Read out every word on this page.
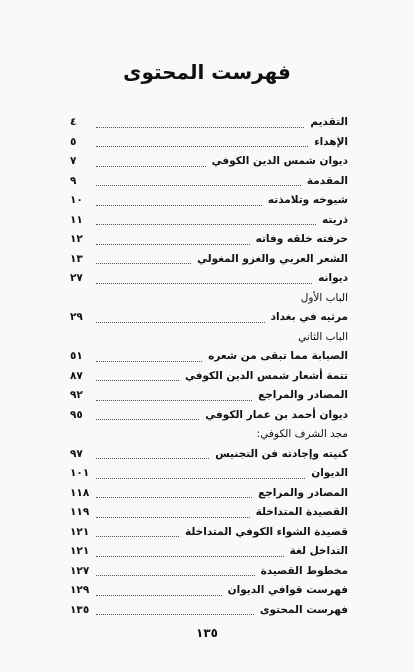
فهرست المحتوى
التقديم
٤
الإهداء
٥
ديوان شمس الدين الكوفي
٧
المقدمة
٩
شيوخه وتلامذته
١٠
ذريته
١١
حرفته خلقه وفاته
١٢
الشعر العربي والغزو المغولي
١٣
ديوانه
٢٧
الباب الأول
مرثيه في بغداد
٢٩
الباب الثاني
الصبابة مما تبقى من شعره
٥١
تتمة أشعار شمس الدين الكوفي
٨٧
المصادر والمراجع
٩٢
ديوان أحمد بن عمار الكوفي
٩٥
مجد الشرف الكوفي:
كنيته وإجادته فن التجنيس
٩٧
الديوان
١٠١
المصادر والمراجع
١١٨
القصيدة المتداخلة
١١٩
قصيدة الشواء الكوفي المتداخلة
١٢١
التداخل لغة
١٢١
مخطوط القصيدة
١٢٧
فهرست قوافي الديوان
١٢٩
فهرست المحتوى
١٣٥
١٣٥
